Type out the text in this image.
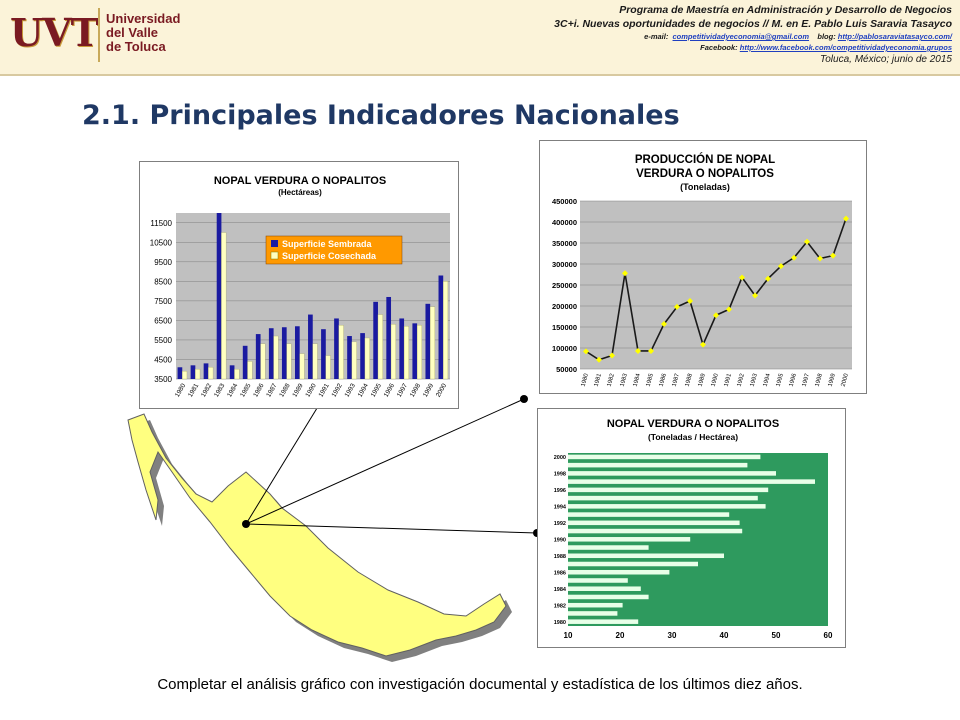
UVT Universidad
del Valle
de Toluca
Programa de Maestría en Administración y Desarrollo de Negocios
3C+i. Nuevas oportunidades de negocios // M. en E. Pablo Luis Saravia Tasayco
e-mail: competitividadyeconomia@gmail.com blog: http://pablosaraviatasayco.com/
Facebook: http://www.facebook.com/competitividadyeconomia.grupos
Toluca, México; junio de 2015
2.1. Principales Indicadores Nacionales
NOPAL VERDURA O NOPALITOS
(Hectáreas)
3500
4500
5500
6500
7500
8500
9500
10500
11500
1980 1981 1982 1983 1984 1985 1986 1987 1988 1989 1990 1991 1992 1993 1994 1995 1996 1997 1998 1999 2000
Superficie Sembrada
Superficie Cosechada
PRODUCCIÓN DE NOPAL
VERDURA O NOPALITOS
(Toneladas)
50000
100000
150000
200000
250000
300000
350000
400000
450000
1980 1981 1982 1983 1984 1985 1986 1987 1988 1989 1990 1991 1992 1993 1994 1995 1996 1997 1998 1999 2000
NOPAL VERDURA O NOPALITOS
(Toneladas / Hectárea)
1980
1982
1984
1986
1988
1990
1992
1994
1996
1998
2000
10	20	30	40	50	60
Completar el análisis gráfico con investigación documental y estadística de los últimos diez años.
